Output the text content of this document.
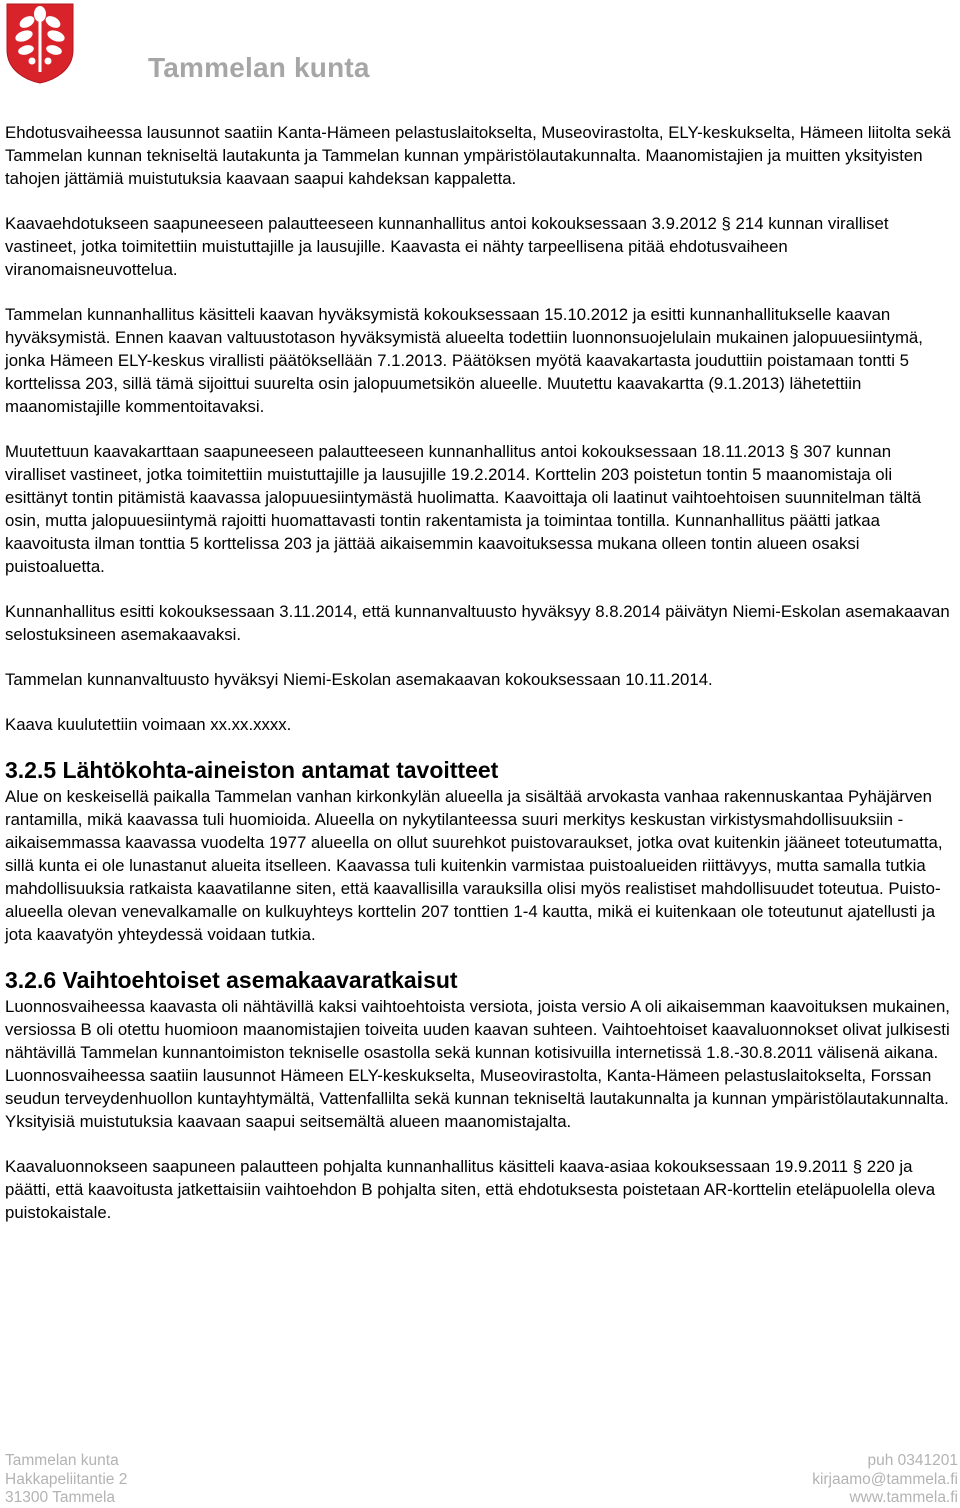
Tammelan kunta

Ehdotusvaiheessa lausunnot saatiin Kanta-Hämeen pelastuslaitokselta, Museovirastolta, ELY-keskukselta, Hämeen liitolta sekä Tammelan kunnan tekniseltä lautakunta ja Tammelan kunnan ympäristölautakunnalta. Maanomistajien ja muitten yksityisten tahojen jättämiä muistutuksia kaavaan saapui kahdeksan kappaletta.

Kaavaehdotukseen saapuneeseen palautteeseen kunnanhallitus antoi kokouksessaan 3.9.2012 § 214 kunnan viralliset vastineet, jotka toimitettiin muistuttajille ja lausujille. Kaavasta ei nähty tarpeellisena pitää ehdotusvaiheen viranomaisneuvottelua.

Tammelan kunnanhallitus käsitteli kaavan hyväksymistä kokouksessaan 15.10.2012 ja esitti kunnanhallitukselle kaavan hyväksymistä. Ennen kaavan valtuustotason hyväksymistä alueelta todettiin luonnonsuojelulain mukainen jalopuuesiintymä, jonka Hämeen ELY-keskus virallisti päätöksellään 7.1.2013. Päätöksen myötä kaavakartasta jouduttiin poistamaan tontti 5 korttelissa 203, sillä tämä sijoittui suurelta osin jalopuumetsikön alueelle. Muutettu kaavakartta (9.1.2013) lähetettiin maanomistajille kommentoitavaksi.

Muutettuun kaavakarttaan saapuneeseen palautteeseen kunnanhallitus antoi kokouksessaan 18.11.2013 § 307 kunnan viralliset vastineet, jotka toimitettiin muistuttajille ja lausujille 19.2.2014. Korttelin 203 poistetun tontin 5 maanomistaja oli esittänyt tontin pitämistä kaavassa jalopuuesiintymästä huolimatta. Kaavoittaja oli laatinut vaihtoehtoisen suunnitelman tältä osin, mutta jalopuuesiintymä rajoitti huomattavasti tontin rakentamista ja toimintaa tontilla. Kunnanhallitus päätti jatkaa kaavoitusta ilman tonttia 5 korttelissa 203 ja jättää aikaisemmin kaavoituksessa mukana olleen tontin alueen osaksi puistoaluetta.

Kunnanhallitus esitti kokouksessaan 3.11.2014, että kunnanvaltuusto hyväksyy 8.8.2014 päivätyn Niemi-Eskolan asemakaavan selostuksineen asemakaavaksi.

Tammelan kunnanvaltuusto hyväksyi Niemi-Eskolan asemakaavan kokouksessaan 10.11.2014.

Kaava kuulutettiin voimaan xx.xx.xxxx.

3.2.5 Lähtökohta-aineiston antamat tavoitteet

Alue on keskeisellä paikalla Tammelan vanhan kirkonkylän alueella ja sisältää arvokasta vanhaa rakennuskantaa Pyhäjärven rantamilla, mikä kaavassa tuli huomioida. Alueella on nykytilanteessa suuri merkitys keskustan virkistysmahdollisuuksiin - aikaisemmassa kaavassa vuodelta 1977 alueella on ollut suurehkot puistovaraukset, jotka ovat kuitenkin jääneet toteutumatta, sillä kunta ei ole lunastanut alueita itselleen. Kaavassa tuli kuitenkin varmistaa puistoalueiden riittävyys, mutta samalla tutkia mahdollisuuksia ratkaista kaavatilanne siten, että kaavallisilla varauksilla olisi myös realistiset mahdollisuudet toteutua. Puisto-alueella olevan venevalkamalle on kulkuyhteys korttelin 207 tonttien 1-4 kautta, mikä ei kuitenkaan ole toteutunut ajatellusti ja jota kaavatyön yhteydessä voidaan tutkia.

3.2.6 Vaihtoehtoiset asemakaavaratkaisut

Luonnosvaiheessa kaavasta oli nähtävillä kaksi vaihtoehtoista versiota, joista versio A oli aikaisemman kaavoituksen mukainen, versiossa B oli otettu huomioon maanomistajien toiveita uuden kaavan suhteen. Vaihtoehtoiset kaavaluonnokset olivat julkisesti nähtävillä Tammelan kunnantoimiston tekniselle osastolla sekä kunnan kotisivuilla internetissä 1.8.-30.8.2011 välisenä aikana. Luonnosvaiheessa saatiin lausunnot Hämeen ELY-keskukselta, Museovirastolta, Kanta-Hämeen pelastuslaitokselta, Forssan seudun terveydenhuollon kuntayhtymältä, Vattenfallilta sekä kunnan tekniseltä lautakunnalta ja kunnan ympäristölautakunnalta. Yksityisiä muistutuksia kaavaan saapui seitsemältä alueen maanomistajalta.

Kaavaluonnokseen saapuneen palautteen pohjalta kunnanhallitus käsitteli kaava-asiaa kokouksessaan 19.9.2011 § 220 ja päätti, että kaavoitusta jatkettaisiin vaihtoehdon B pohjalta siten, että ehdotuksesta poistetaan AR-korttelin eteläpuolella oleva puistokaistale.

Tammelan kunta
Hakkapeliitantie 2
31300 Tammela
puh 0341201
kirjaamo@tammela.fi
www.tammela.fi
